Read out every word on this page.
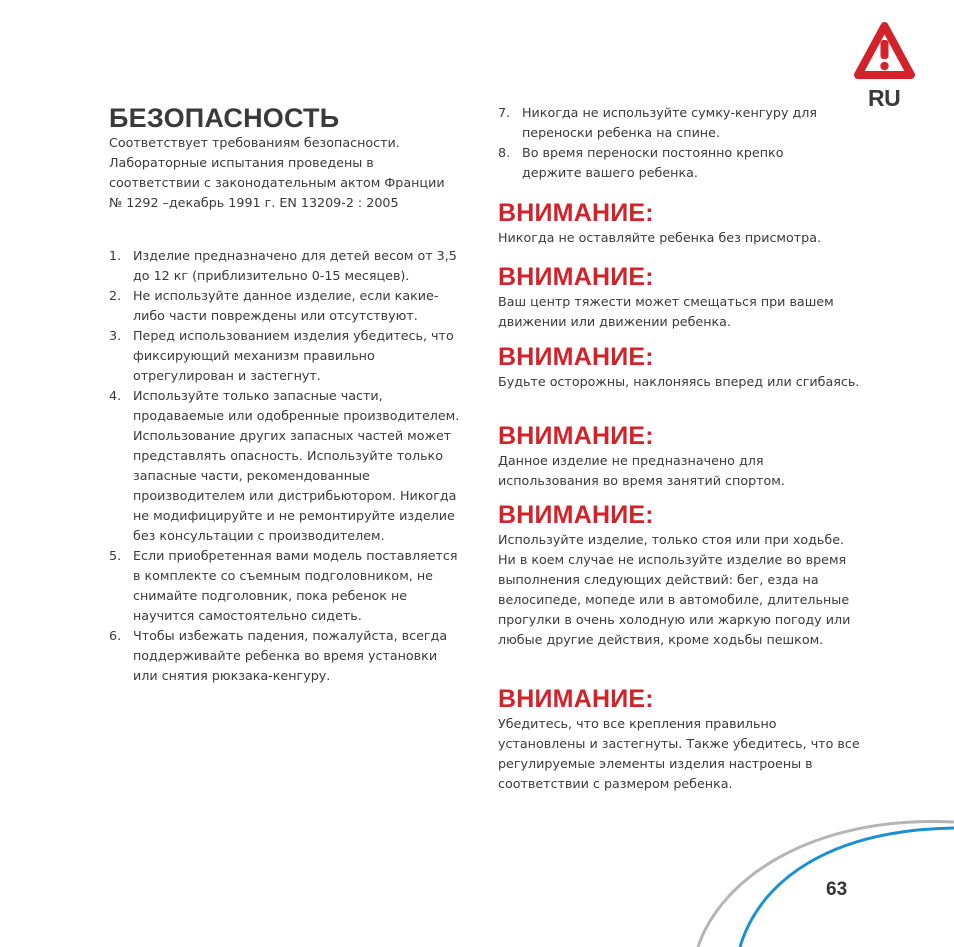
RU
БЕЗОПАСНОСТЬ

Соответствует требованиям безопасности. Лабораторные испытания проведены в соответствии с законодательным актом Франции № 1292 –декабрь 1991 г. EN 13209-2 : 2005

1. Изделие предназначено для детей весом от 3,5 до 12 кг (приблизительно 0-15 месяцев).
2. Не используйте данное изделие, если какие-либо части повреждены или отсутствуют.
3. Перед использованием изделия убедитесь, что фиксирующий механизм правильно отрегулирован и застегнут.
4. Используйте только запасные части, продаваемые или одобренные производителем. Использование других запасных частей может представлять опасность. Используйте только запасные части, рекомендованные производителем или дистрибьютором. Никогда не модифицируйте и не ремонтируйте изделие без консультации с производителем.
5. Если приобретенная вами модель поставляется в комплекте со съемным подголовником, не снимайте подголовник, пока ребенок не научится самостоятельно сидеть.
6. Чтобы избежать падения, пожалуйста, всегда поддерживайте ребенка во время установки или снятия рюкзака-кенгуру.
7. Никогда не используйте сумку-кенгуру для переноски ребенка на спине.
8. Во время переноски постоянно крепко держите вашего ребенка.
ВНИМАНИЕ:

Никогда не оставляйте ребенка без присмотра.

ВНИМАНИЕ:

Ваш центр тяжести может смещаться при вашем движении или движении ребенка.

ВНИМАНИЕ:

Будьте осторожны, наклоняясь вперед или сгибаясь.

ВНИМАНИЕ:

Данное изделие не предназначено для использования во время занятий спортом.

ВНИМАНИЕ:

Используйте изделие, только стоя или при ходьбе. Ни в коем случае не используйте изделие во время выполнения следующих действий: бег, езда на велосипеде, мопеде или в автомобиле, длительные прогулки в очень холодную или жаркую погоду или любые другие действия, кроме ходьбы пешком.

ВНИМАНИЕ:

Убедитесь, что все крепления правильно установлены и застегнуты. Также убедитесь, что все регулируемые элементы изделия настроены в соответствии с размером ребенка.

63
